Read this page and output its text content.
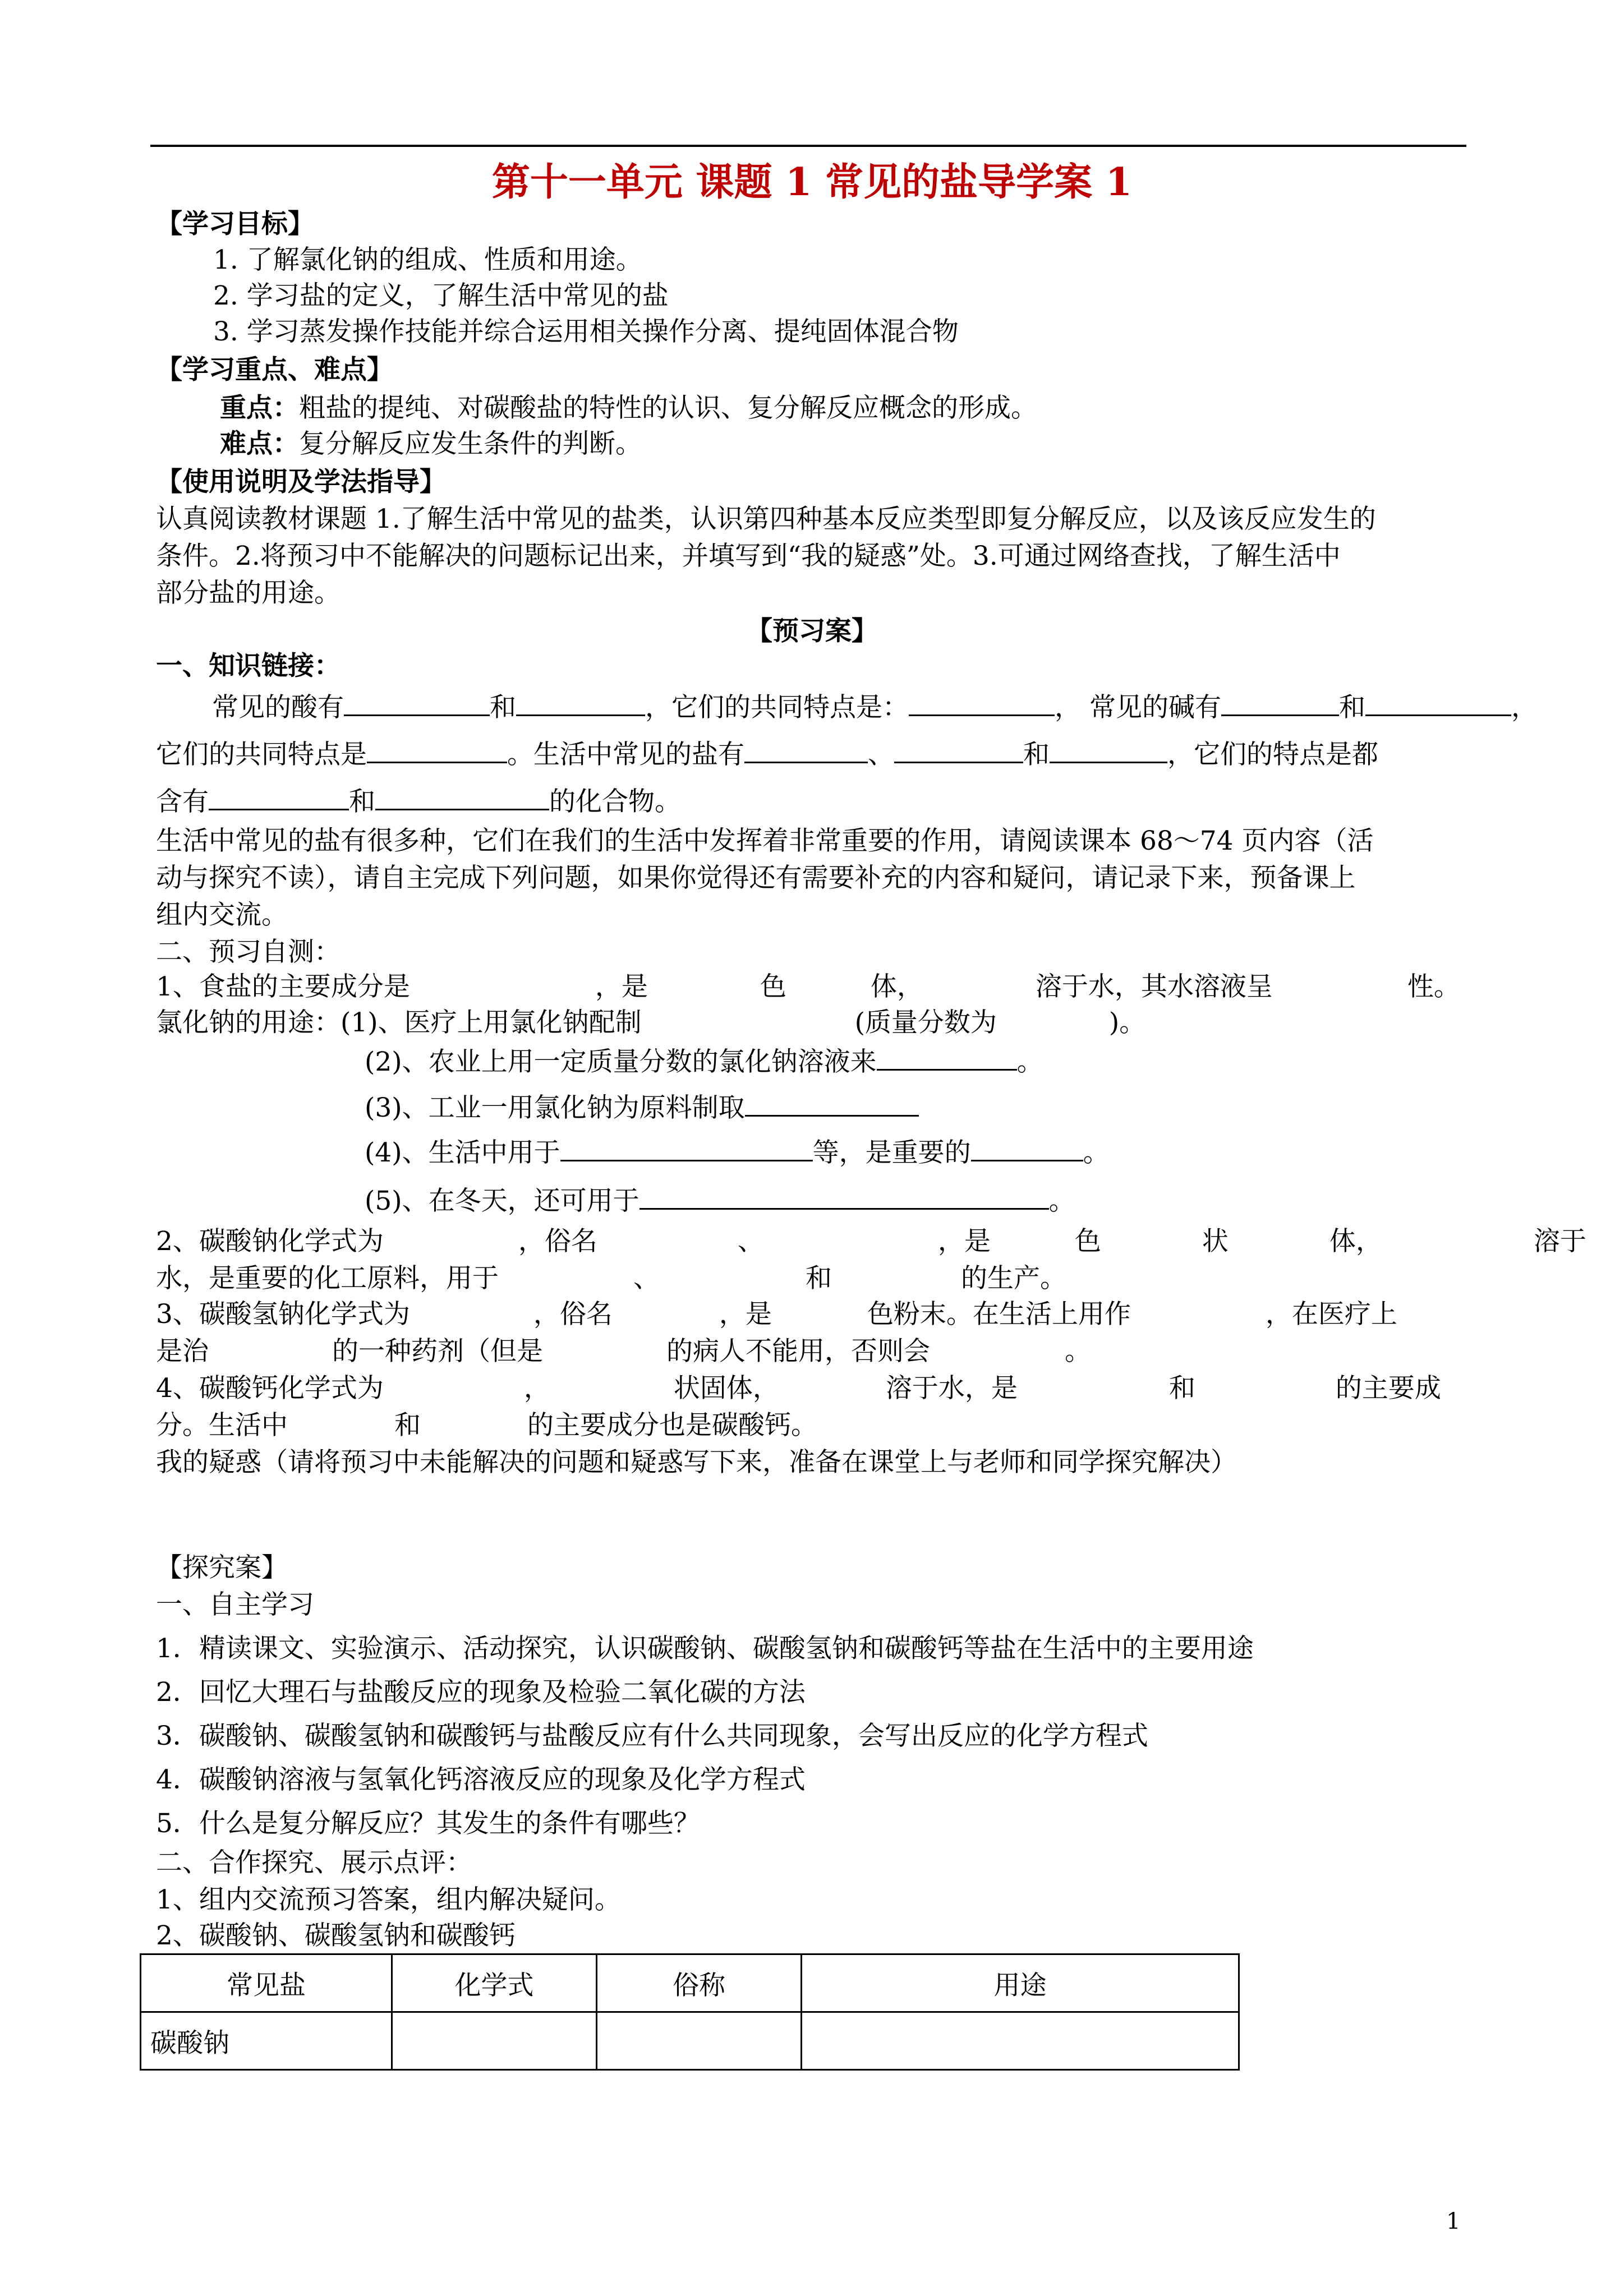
第十一单元 课题 1 常见的盐导学案 1
【学习目标】
1. 了解氯化钠的组成、性质和用途。
2. 学习盐的定义，了解生活中常见的盐
3. 学习蒸发操作技能并综合运用相关操作分离、提纯固体混合物
【学习重点、难点】
重点：粗盐的提纯、对碳酸盐的特性的认识、复分解反应概念的形成。
难点：复分解反应发生条件的判断。
【使用说明及学法指导】
认真阅读教材课题 1.了解生活中常见的盐类，认识第四种基本反应类型即复分解反应，以及该反应发生的
条件。2.将预习中不能解决的问题标记出来，并填写到“我的疑惑”处。3.可通过网络查找，了解生活中
部分盐的用途。
【预习案】
一、知识链接：
常见的酸有	和	，它们的共同特点是：	， 常见的碱有	和	，
它们的共同特点是	。生活中常见的盐有	、	和	，它们的特点是都
含有	和	的化合物。
生活中常见的盐有很多种，它们在我们的生活中发挥着非常重要的作用，请阅读课本 68～74 页内容（活
动与探究不读），请自主完成下列问题，如果你觉得还有需要补充的内容和疑问，请记录下来，预备课上
组内交流。
二、预习自测：
1、食盐的主要成分是	，是	色	体，	溶于水，其水溶液呈	性。
氯化钠的用途：(1)、医疗上用氯化钠配制	(质量分数为	)。
(2)、农业上用一定质量分数的氯化钠溶液来	。
(3)、工业一用氯化钠为原料制取
(4)、生活中用于	等，是重要的	。
(5)、在冬天，还可用于	。
2、碳酸钠化学式为	，俗名	、	，是	色	状	体，	溶于
水，是重要的化工原料，用于	、	和	的生产。
3、碳酸氢钠化学式为	，俗名	，是	色粉末。在生活上用作	，在医疗上
是治	的一种药剂（但是	的病人不能用，否则会	。
4、碳酸钙化学式为	，	状固体，	溶于水，是	和	的主要成
分。生活中	和	的主要成分也是碳酸钙。
我的疑惑（请将预习中未能解决的问题和疑惑写下来，准备在课堂上与老师和同学探究解决）
【探究案】
一、自主学习
1．精读课文、实验演示、活动探究，认识碳酸钠、碳酸氢钠和碳酸钙等盐在生活中的主要用途
2．回忆大理石与盐酸反应的现象及检验二氧化碳的方法
3．碳酸钠、碳酸氢钠和碳酸钙与盐酸反应有什么共同现象，会写出反应的化学方程式
4．碳酸钠溶液与氢氧化钙溶液反应的现象及化学方程式
5．什么是复分解反应？其发生的条件有哪些？
二、合作探究、展示点评：
1、组内交流预习答案，组内解决疑问。
2、碳酸钠、碳酸氢钠和碳酸钙
常见盐	化学式	俗称	用途
碳酸钠			
1
